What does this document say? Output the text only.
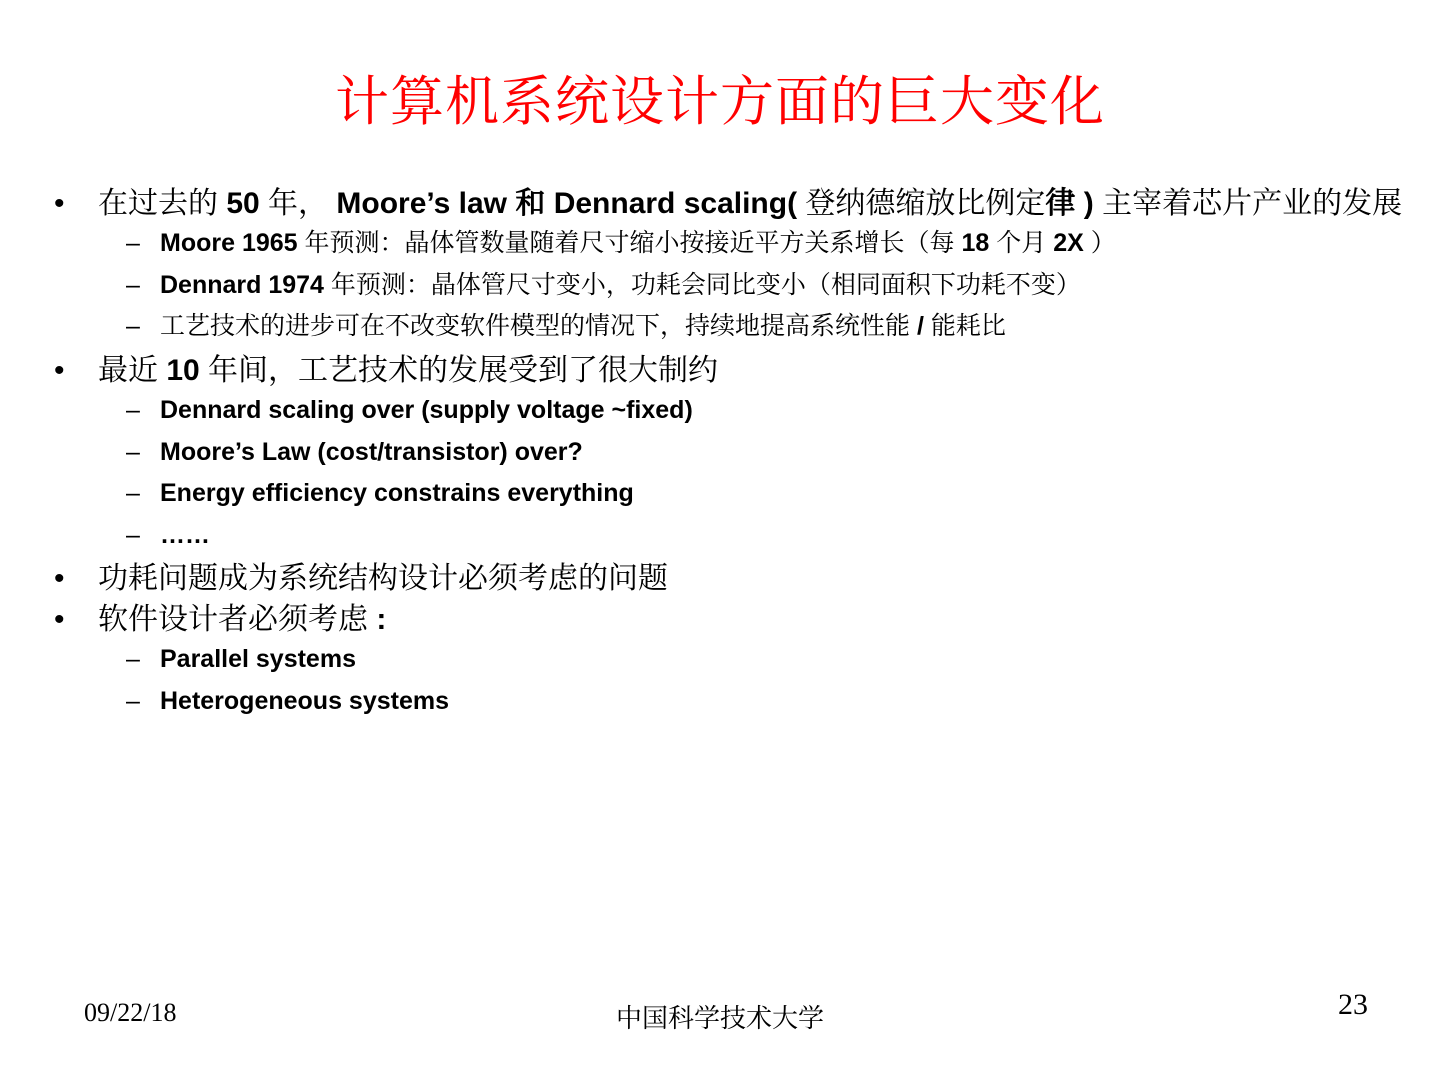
计算机系统设计方面的巨大变化
• 在过去的 50 年， Moore’s law 和 Dennard scaling( 登纳德缩放比例定律 ) 主宰着芯片产业的发展
– Moore 1965 年预测：晶体管数量随着尺寸缩小按接近平方关系增长（每 18 个月 2X ）
– Dennard 1974 年预测：晶体管尺寸变小，功耗会同比变小（相同面积下功耗不变）
– 工艺技术的进步可在不改变软件模型的情况下，持续地提高系统性能 / 能耗比
• 最近 10 年间，工艺技术的发展受到了很大制约
– Dennard scaling over (supply voltage ~fixed)
– Moore’s Law (cost/transistor) over?
– Energy efficiency constrains everything
– ……
• 功耗问题成为系统结构设计必须考虑的问题
• 软件设计者必须考虑 :
– Parallel systems
– Heterogeneous systems
09/22/18	中国科学技术大学	23
